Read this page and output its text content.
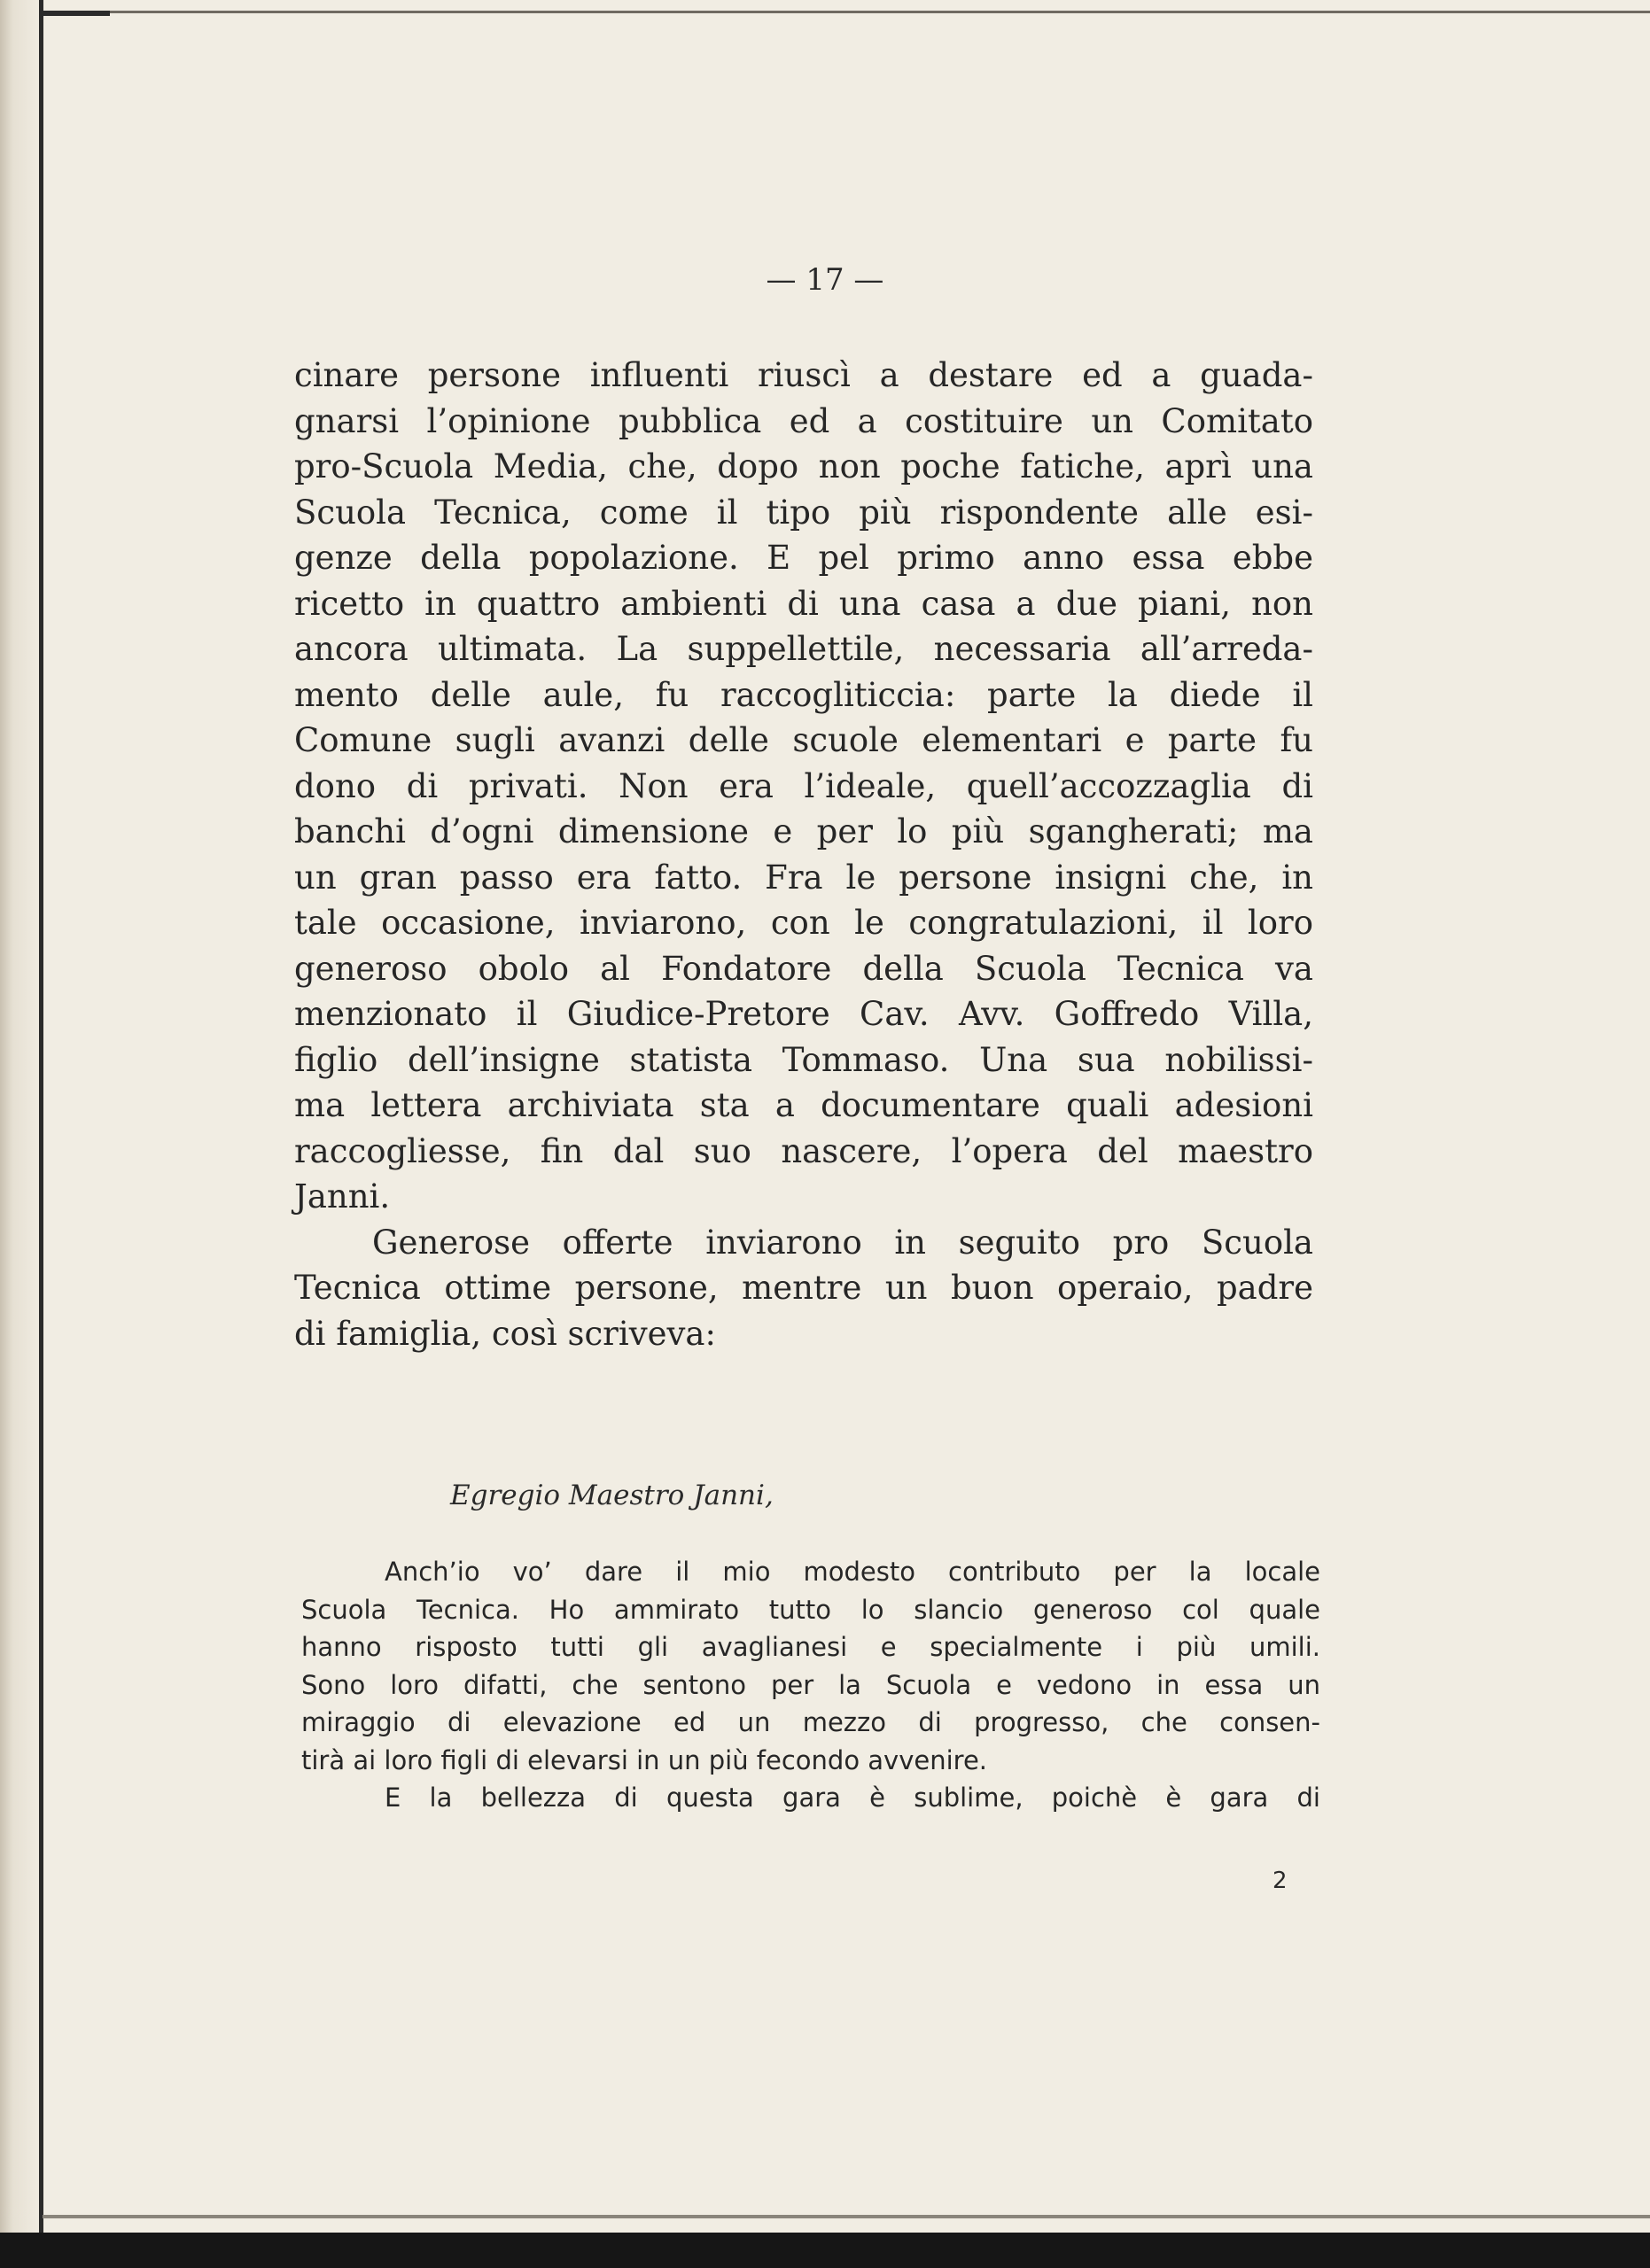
— 17 —
cinare persone influenti riuscì a destare ed a guada-
gnarsi l’opinione pubblica ed a costituire un Comitato
pro-Scuola Media, che, dopo non poche fatiche, aprì una
Scuola Tecnica, come il tipo più rispondente alle esi-
genze della popolazione. E pel primo anno essa ebbe
ricetto in quattro ambienti di una casa a due piani, non
ancora ultimata. La suppellettile, necessaria all’arreda-
mento delle aule, fu raccogliticcia: parte la diede il
Comune sugli avanzi delle scuole elementari e parte fu
dono di privati. Non era l’ideale, quell’accozzaglia di
banchi d’ogni dimensione e per lo più sgangherati; ma
un gran passo era fatto. Fra le persone insigni che, in
tale occasione, inviarono, con le congratulazioni, il loro
generoso obolo al Fondatore della Scuola Tecnica va
menzionato il Giudice-Pretore Cav. Avv. Goffredo Villa,
figlio dell’insigne statista Tommaso. Una sua nobilissi-
ma lettera archiviata sta a documentare quali adesioni
raccogliesse, fin dal suo nascere, l’opera del maestro
Janni.
Generose offerte inviarono in seguito pro Scuola
Tecnica ottime persone, mentre un buon operaio, padre
di famiglia, così scriveva:
Egregio Maestro Janni,
Anch’io vo’ dare il mio modesto contributo per la locale
Scuola Tecnica. Ho ammirato tutto lo slancio generoso col quale
hanno risposto tutti gli avaglianesi e specialmente i più umili.
Sono loro difatti, che sentono per la Scuola e vedono in essa un
miraggio di elevazione ed un mezzo di progresso, che consen-
tirà ai loro figli di elevarsi in un più fecondo avvenire.
E la bellezza di questa gara è sublime, poichè è gara di
2
